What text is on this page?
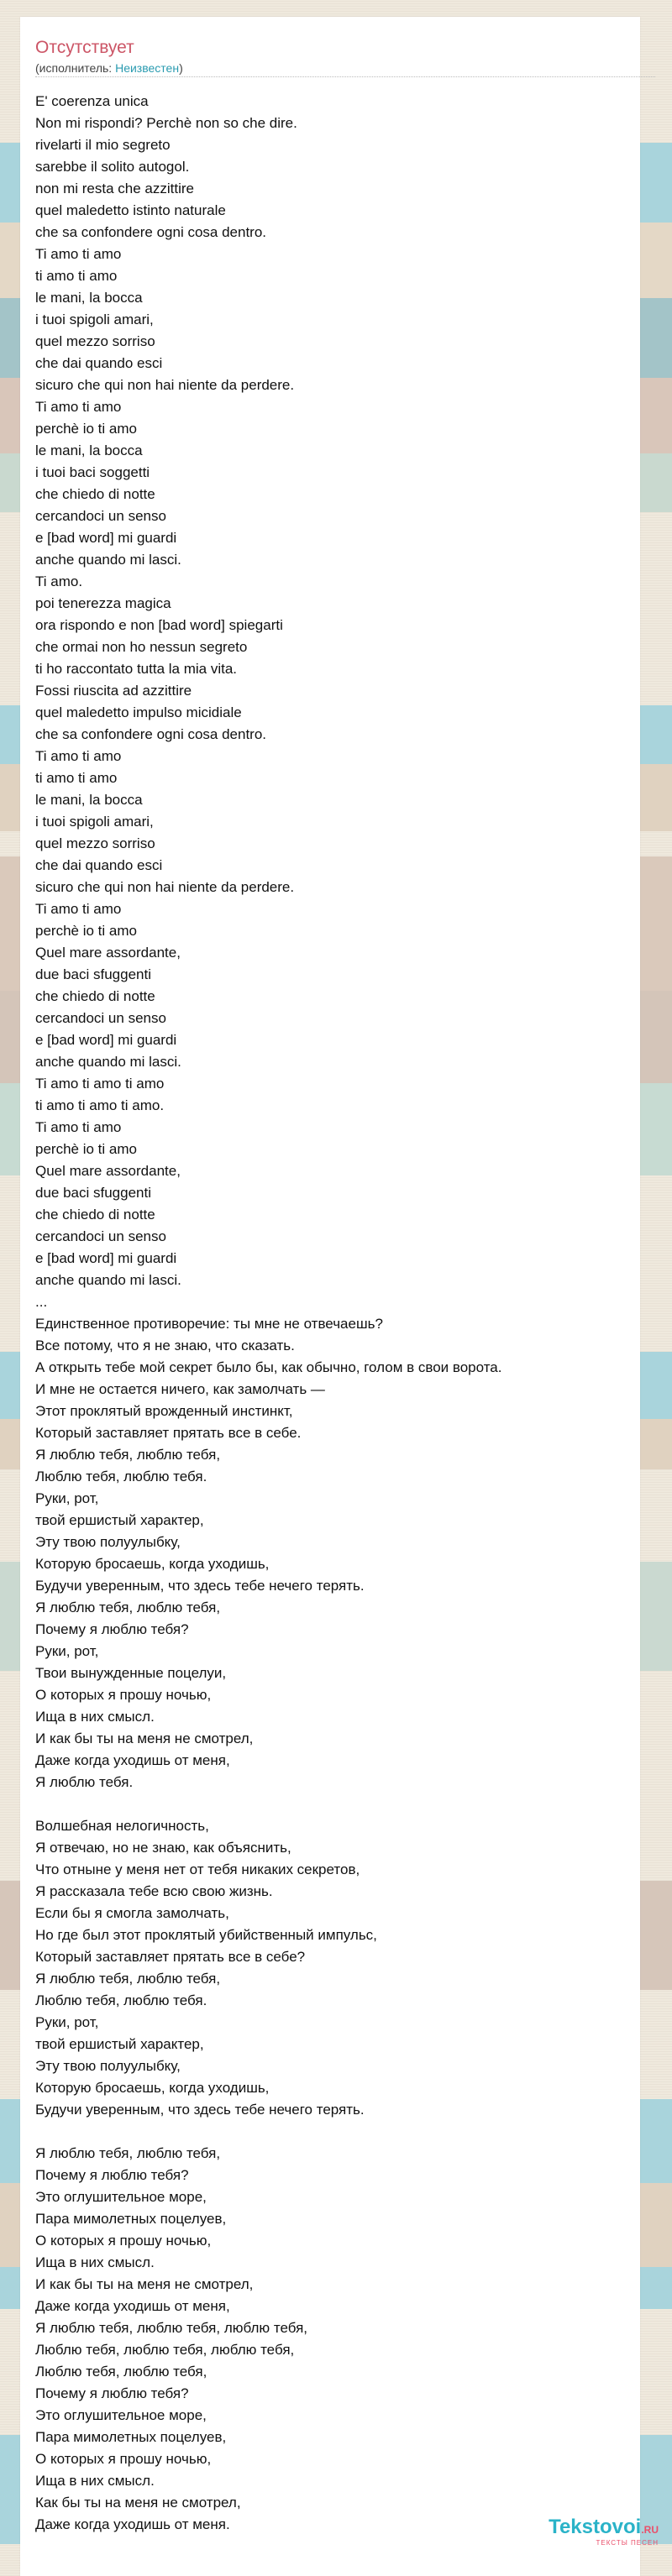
Отсутствует
(исполнитель: Неизвестен)
E' coerenza unica
Non mi rispondi? Perchè non so che dire.
rivelarti il mio segreto
sarebbe il solito autogol.
non mi resta che azzittire
quel maledetto istinto naturale
che sa confondere ogni cosa dentro.
Ti amo ti amo
ti amo ti amo
le mani, la bocca
i tuoi spigoli amari,
quel mezzo sorriso
che dai quando esci
sicuro che qui non hai niente da perdere.
Ti amo ti amo
perchè io ti amo
le mani, la bocca
i tuoi baci soggetti
che chiedo di notte
cercandoci un senso
e [bad word] mi guardi
anche quando mi lasci.
Ti amo.
poi tenerezza magica
ora rispondo e non [bad word] spiegarti
che ormai non ho nessun segreto
ti ho raccontato tutta la mia vita.
Fossi riuscita ad azzittire
quel maledetto impulso micidiale
che sa confondere ogni cosa dentro.
Ti amo ti amo
ti amo ti amo
le mani, la bocca
i tuoi spigoli amari,
quel mezzo sorriso
che dai quando esci
sicuro che qui non hai niente da perdere.
Ti amo ti amo
perchè io ti amo
Quel mare assordante,
due baci sfuggenti
che chiedo di notte
cercandoci un senso
e [bad word] mi guardi
anche quando mi lasci.
Ti amo ti amo ti amo
ti amo ti amo ti amo.
Ti amo ti amo
perchè io ti amo
Quel mare assordante,
due baci sfuggenti
che chiedo di notte
cercandoci un senso
e [bad word] mi guardi
anche quando mi lasci.
...
Единственное противоречие: ты мне не отвечаешь?
Все потому, что я не знаю, что сказать.
А открыть тебе мой секрет было бы, как обычно, голом в свои ворота.
И мне не остается ничего, как замолчать —
Этот проклятый врожденный инстинкт,
Который заставляет прятать все в себе.
Я люблю тебя, люблю тебя,
Люблю тебя, люблю тебя.
Руки, рот,
твой ершистый характер,
Эту твою полуулыбку,
Которую бросаешь, когда уходишь,
Будучи уверенным, что здесь тебе нечего терять.
Я люблю тебя, люблю тебя,
Почему я люблю тебя?
Руки, рот,
Твои вынужденные поцелуи,
О которых я прошу ночью,
Ища в них смысл.
И как бы ты на меня не смотрел,
Даже когда уходишь от меня,
Я люблю тебя.
Волшебная нелогичность,
Я отвечаю, но не знаю, как объяснить,
Что отныне у меня нет от тебя никаких секретов,
Я рассказала тебе всю свою жизнь.
Если бы я смогла замолчать,
Но где был этот проклятый убийственный импульс,
Который заставляет прятать все в себе?
Я люблю тебя, люблю тебя,
Люблю тебя, люблю тебя.
Руки, рот,
твой ершистый характер,
Эту твою полуулыбку,
Которую бросаешь, когда уходишь,
Будучи уверенным, что здесь тебе нечего терять.
Я люблю тебя, люблю тебя,
Почему я люблю тебя?
Это оглушительное море,
Пара мимолетных поцелуев,
О которых я прошу ночью,
Ища в них смысл.
И как бы ты на меня не смотрел,
Даже когда уходишь от меня,
Я люблю тебя, люблю тебя, люблю тебя,
Люблю тебя, люблю тебя, люблю тебя,
Люблю тебя, люблю тебя,
Почему я люблю тебя?
Это оглушительное море,
Пара мимолетных поцелуев,
О которых я прошу ночью,
Ища в них смысл.
Как бы ты на меня не смотрел,
Даже когда уходишь от меня.	Tekstovoi.RU
ТЕКСТЫ ПЕСЕН
